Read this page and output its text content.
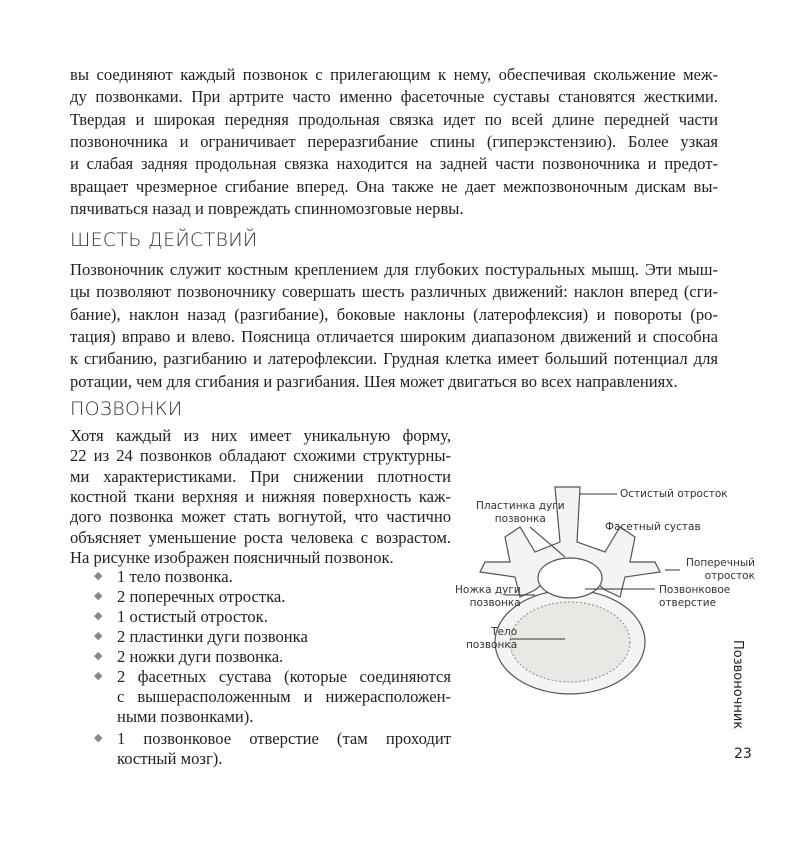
вы соединяют каждый позвонок с прилегающим к нему, обеспечивая скольжение меж-
ду позвонками. При артрите часто именно фасеточные суставы становятся жесткими.
Твердая и широкая передняя продольная связка идет по всей длине передней части
позвоночника и ограничивает переразгибание спины (гиперэкстензию). Более узкая
и слабая задняя продольная связка находится на задней части позвоночника и предот-
вращает чрезмерное сгибание вперед. Она также не дает межпозвоночным дискам вы-
пячиваться назад и повреждать спинномозговые нервы.
ШЕСТЬ ДЕЙСТВИЙ
Позвоночник служит костным креплением для глубоких постуральных мышц. Эти мыш-
цы позволяют позвоночнику совершать шесть различных движений: наклон вперед (сги-
бание), наклон назад (разгибание), боковые наклоны (латерофлексия) и повороты (ро-
тация) вправо и влево. Поясница отличается широким диапазоном движений и способна
к сгибанию, разгибанию и латерофлексии. Грудная клетка имеет больший потенциал для
ротации, чем для сгибания и разгибания. Шея может двигаться во всех направлениях.
ПОЗВОНКИ
Хотя каждый из них имеет уникальную форму,
22 из 24 позвонков обладают схожими структурны-
ми характеристиками. При снижении плотности
костной ткани верхняя и нижняя поверхность каж-
дого позвонка может стать вогнутой, что частично
объясняет уменьшение роста человека с возрастом.
На рисунке изображен поясничный позвонок.
◆ 1 тело позвонка.
◆ 2 поперечных отростка.
◆ 1 остистый отросток.
◆ 2 пластинки дуги позвонка
◆ 2 ножки дуги позвонка.
◆ 2 фасетных сустава (которые соединяются
с вышерасположенным и нижерасположен-
ными позвонками).
◆ 1 позвонковое отверстие (там проходит
костный мозг).
Пластинка дуги
позвонка
Остистый отросток
Фасетный сустав
Поперечный
отросток
Ножка дуги
позвонка
Позвонковое
отверстие
Тело
позвонка	Позвоночник
23
